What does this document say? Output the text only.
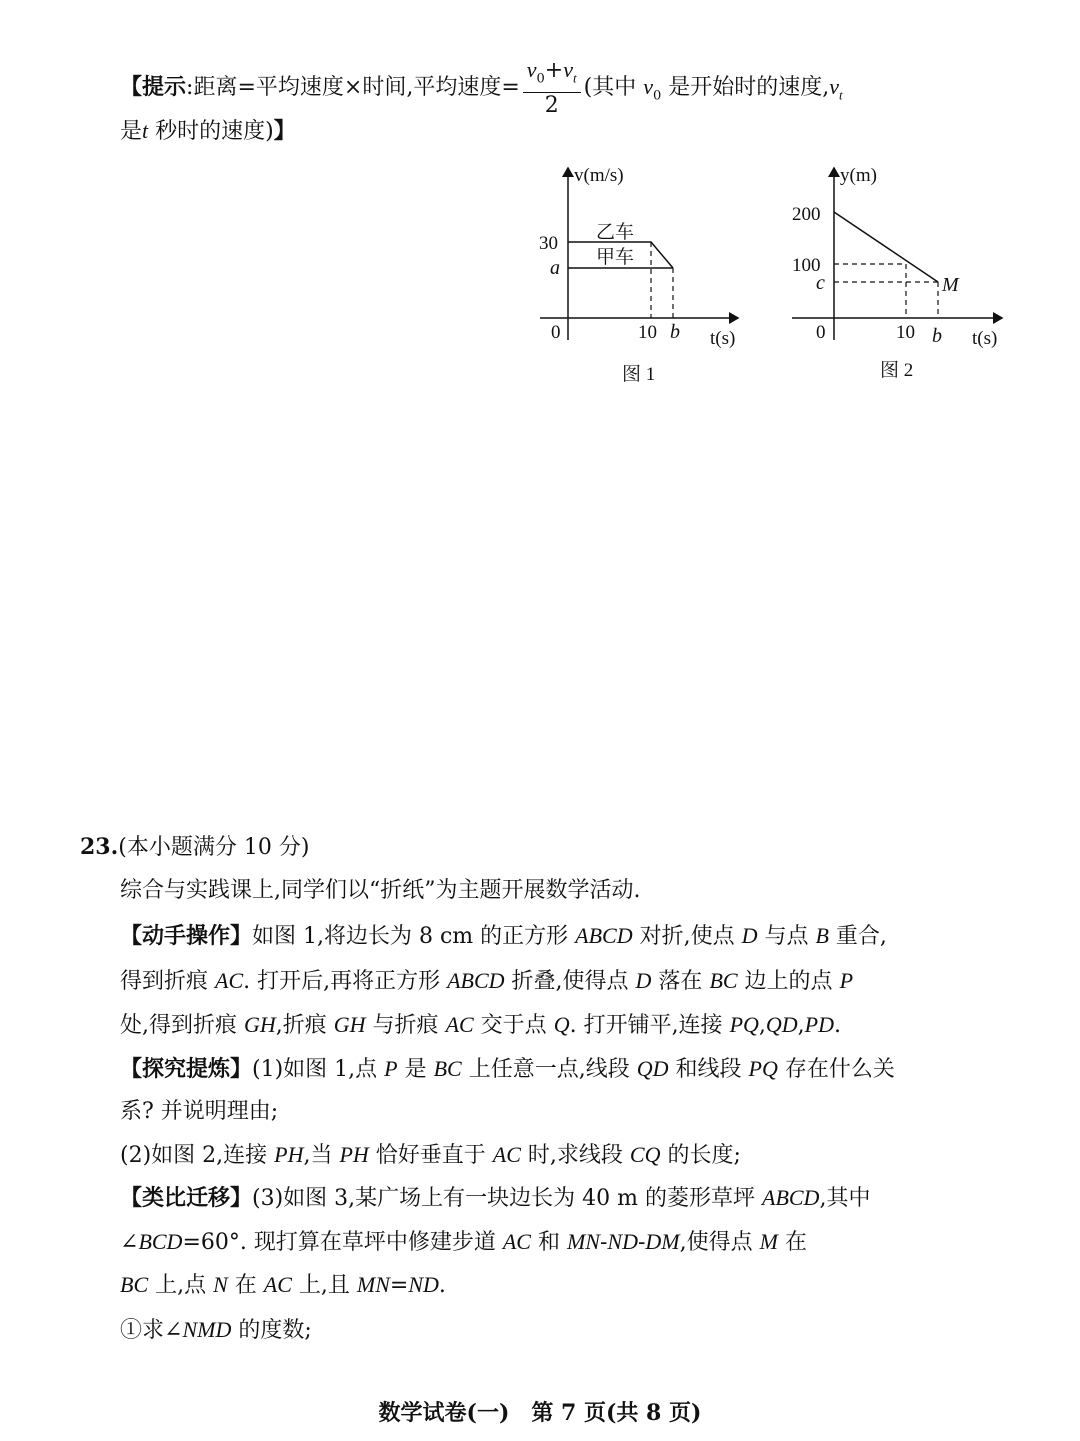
【提示:距离=平均速度×时间,平均速度= $\frac{v_0+v_t}{2}$ (其中 $v_0$ 是开始时的速度$,v_t$
是t 秒时的速度)】
v(m/s)
30
a
乙车
甲车
0	10 b t(s)
图 1
y(m)
200
100
c	M
0	10 b t(s)
图 2
23.(本小题满分 10 分)
综合与实践课上,同学们以“折纸”为主题开展数学活动.
【动手操作】如图 1,将边长为 8 cm 的正方形 ABCD 对折,使点 D 与点 B 重合,
得到折痕 AC. 打开后,再将正方形 ABCD 折叠,使得点 D 落在 BC 边上的点 P
处,得到折痕 GH,折痕 GH 与折痕 AC 交于点 Q. 打开铺平,连接 PQ,QD,PD.
【探究提炼】(1)如图 1,点 P 是 BC 上任意一点,线段 QD 和线段 PQ 存在什么关
系? 并说明理由;
(2)如图 2,连接 PH,当 PH 恰好垂直于 AC 时,求线段 CQ 的长度;
【类比迁移】(3)如图 3,某广场上有一块边长为 40 m 的菱形草坪 ABCD,其中
∠BCD=60°. 现打算在草坪中修建步道 AC 和 MN-ND-DM,使得点 M 在
BC 上,点 N 在 AC 上,且 MN=ND.
①求∠NMD 的度数;
数学试卷(一)　第 7 页(共 8 页)
